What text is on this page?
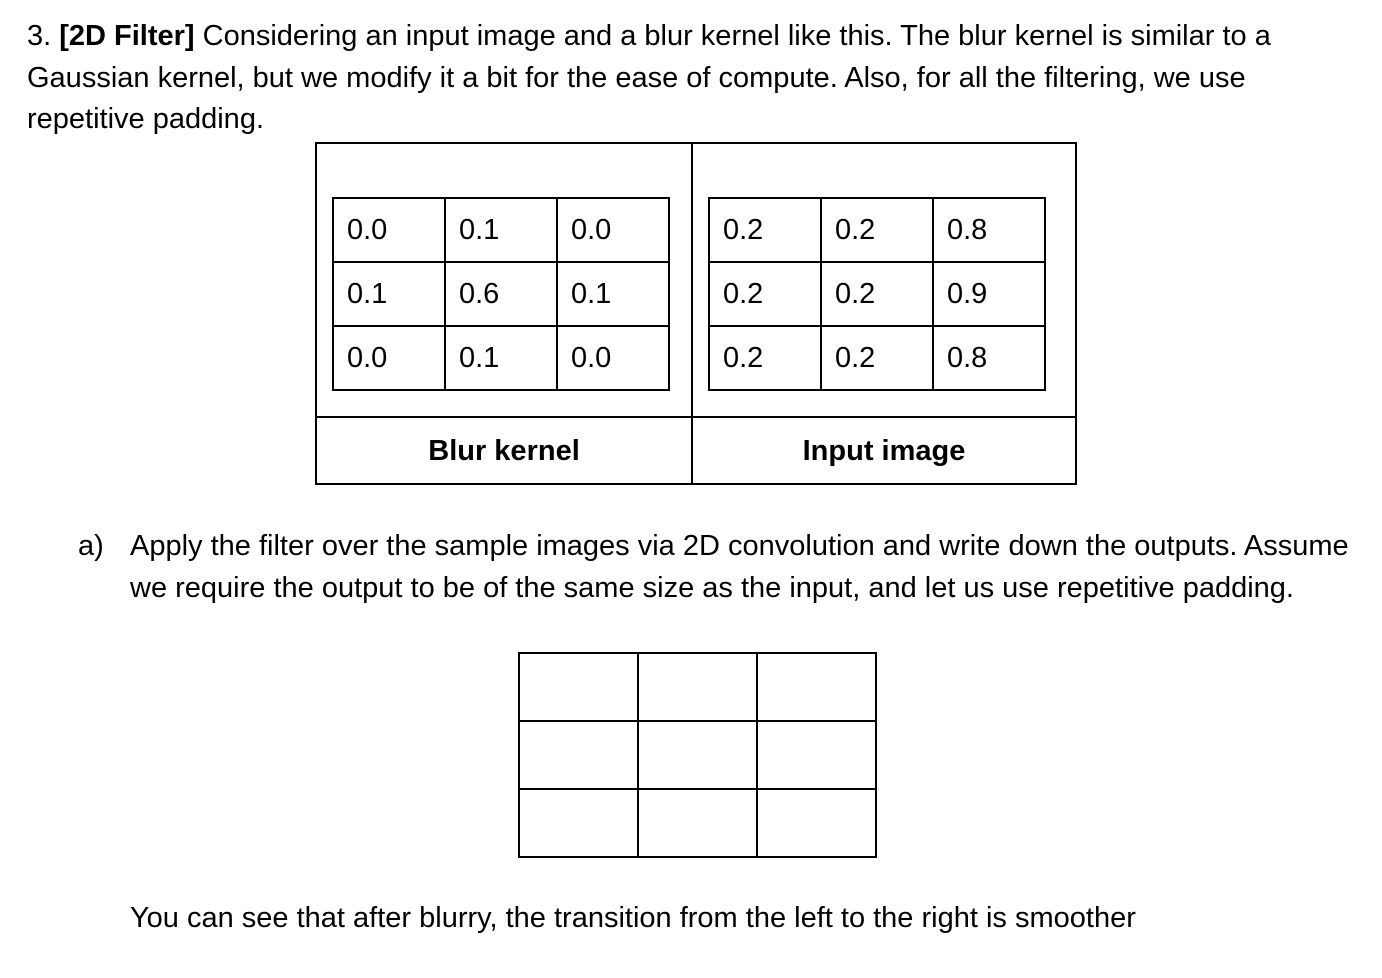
3. [2D Filter] Considering an input image and a blur kernel like this. The blur kernel is similar to a Gaussian kernel, but we modify it a bit for the ease of compute. Also, for all the filtering, we use repetitive padding.
0.0	0.1	0.0
0.1	0.6	0.1
0.0	0.1	0.0
0.2	0.2	0.8
0.2	0.2	0.9
0.2	0.2	0.8
Blur kernel	Input image
a) Apply the filter over the sample images via 2D convolution and write down the outputs. Assume we require the output to be of the same size as the input, and let us use repetitive padding.

You can see that after blurry, the transition from the left to the right is smoother
